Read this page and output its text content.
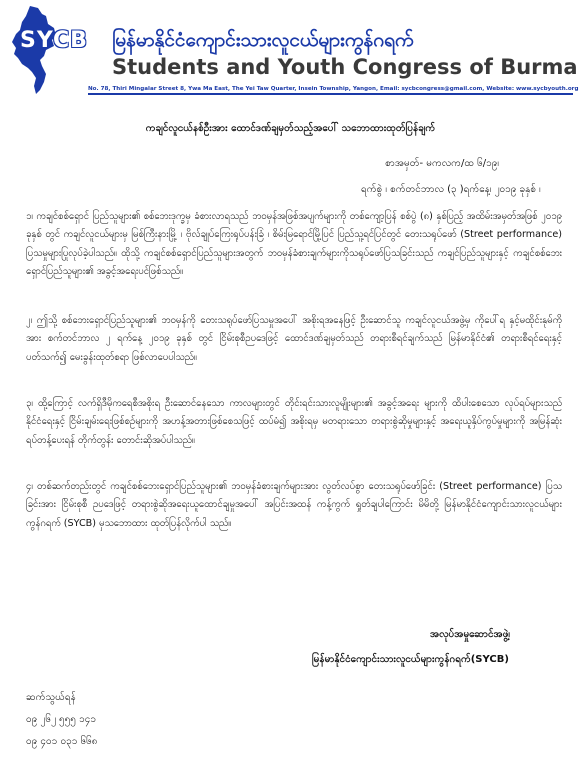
SYCB မြန်မာနိုင်ငံကျောင်းသားလူငယ်များကွန်ဂရက်
Students and Youth Congress of Burma
No. 78, Thiri Mingalar Street 8, Ywa Ma East, The Yei Taw Quarter, Insein Township, Yangon, Email: sycbcongress@gmail.com, Website: www.sycbyouth.org
ကချင်လူငယ်နစ်ဦးအား ထောင်ဒဏ်ချမှတ်သည့်အပေါ် သဘောထားထုတ်ပြန်ချက်
စာအမှတ်- မကလက/ထ ၆/၁၉၊
ရက်စွဲ ၊ စက်တင်ဘာလ (၃ )ရက်နေ့၊ ၂၀၁၉ ခုနှစ် ၊
၁၊ ကချင်စစ်ရှောင် ပြည်သူများ၏ စစ်ဘေးဒုက္ခမှ ခံစားလာရသည် ဘဝမှန်အဖြစ်အပျက်များကို တစ်ကျော့ပြန် စစ်ပွဲ (၈) နှစ်ပြည့် အထိမ်းအမှတ်အဖြစ် ၂၀၁၉ ခုနှစ် တွင် ကချင်လူငယ်များမှ မြစ်ကြီးနားမြို့ ၊ ဗိုလ်ချုပ်ကြေးရုပ်ပန်းခြံ ၊ စိမ်းမြရောင်မြို့ပြင် ပြည်သူ့ရင်ပြင်တွင် တေးသရုပ်ဖော် (Street performance) ပြသမှုများပြုလုပ်ခဲ့ပါသည်။ ထိုသို့ ကချင်စစ်ရှောင်ပြည်သူများအတွက် ဘဝမှန်ခံစားချက်များကိုသရုပ်ဖော်ပြသခြင်းသည် ကချင်ပြည်သူများနှင့် ကချင်စစ်ဘေးရှောင်ပြည်သူများ၏ အခွင့်အရေးပင်ဖြစ်သည်။
၂၊ ဤသို့ စစ်ဘေးရှောင်ပြည်သူများ၏ ဘဝမှန်ကို တေးသရုပ်ဖော်ပြသမှုအပေါ် အစိုးရအနေဖြင့် ဦးဆောင်သူ ကချင်လူငယ်အဖွဲ့မှ ကိုပေါ်ရ နှင့်မထိုင်းနုမ်ကိုအား စက်တင်ဘာလ ၂ ရက်နေ့ ၂၀၁၉ ခုနှစ် တွင် ငြိမ်းစုစီဉပဒေဖြင့် ထောင်ဒဏ်ချမှတ်သည် တရားစီရင်ချက်သည် မြန်မာနိုင်ငံ၏ တရားစီရင်ရေးနှင့်ပတ်သက်၍ မေးခွန်းထုတ်စရာ ဖြစ်လာပေပါသည်။
၃၊ ထို့ကြောင့် လက်ရှိဒီမိုကရေစီအစိုးရ ဦးဆောင်နေသော ကာလများတွင် တိုင်းရင်းသားလူမျိုးများ၏ အခွင့်အရေး များကို ထိပါးစေသော လုပ်ရပ်များသည် နိုင်ငံရေးနှင့် ငြိမ်းချမ်းရေးဖြစ်စဉ်များကို အဟန့်အတားဖြစ်စေသဖြင့် ထပ်မံ၍ အစိုးရမှ မတရားသော တရားစွဲဆိုမှုများနှင့် အရေးယူနှိပ်ကွပ်မှုများကို အမြန်ဆုံးရပ်တန့်ပေးရန် တိုက်တွန်း တောင်းဆိုအပ်ပါသည်။
၄၊ တစ်ဆက်တည်းတွင် ကချင်စစ်ဘေးရှောင်ပြည်သူများ၏ ဘဝမှန်ခံစားချက်များအား လွတ်လပ်စွာ တေးသရုပ်ဖော်ခြင်း (Street performance) ပြသခြင်းအား ငြိမ်းစုစီ ဉပဒေဖြင့် တရားစွဲဆိုအရေးယူထောင်ချမှုအပေါ် အပြင်းအထန် ကန့်ကွက် ရှုတ်ချပါကြောင်း မိမိတို့ မြန်မာနိုင်ငံကျောင်းသားလူငယ်များကွန်ဂရက် (SYCB) မှသဘောထား ထုတ်ပြန်လိုက်ပါ သည်။
အလုပ်အမှုဆောင်အဖွဲ့၊
မြန်မာနိုင်ငံကျောင်းသားလူငယ်များကွန်ဂရက်(SYCB)
ဆက်သွယ်ရန်
၀၉ ၂၆၂ ၅၅၅ ၁၄၁
၀၉ ၄၀၁ ၀၃၁ ၆၆၈
